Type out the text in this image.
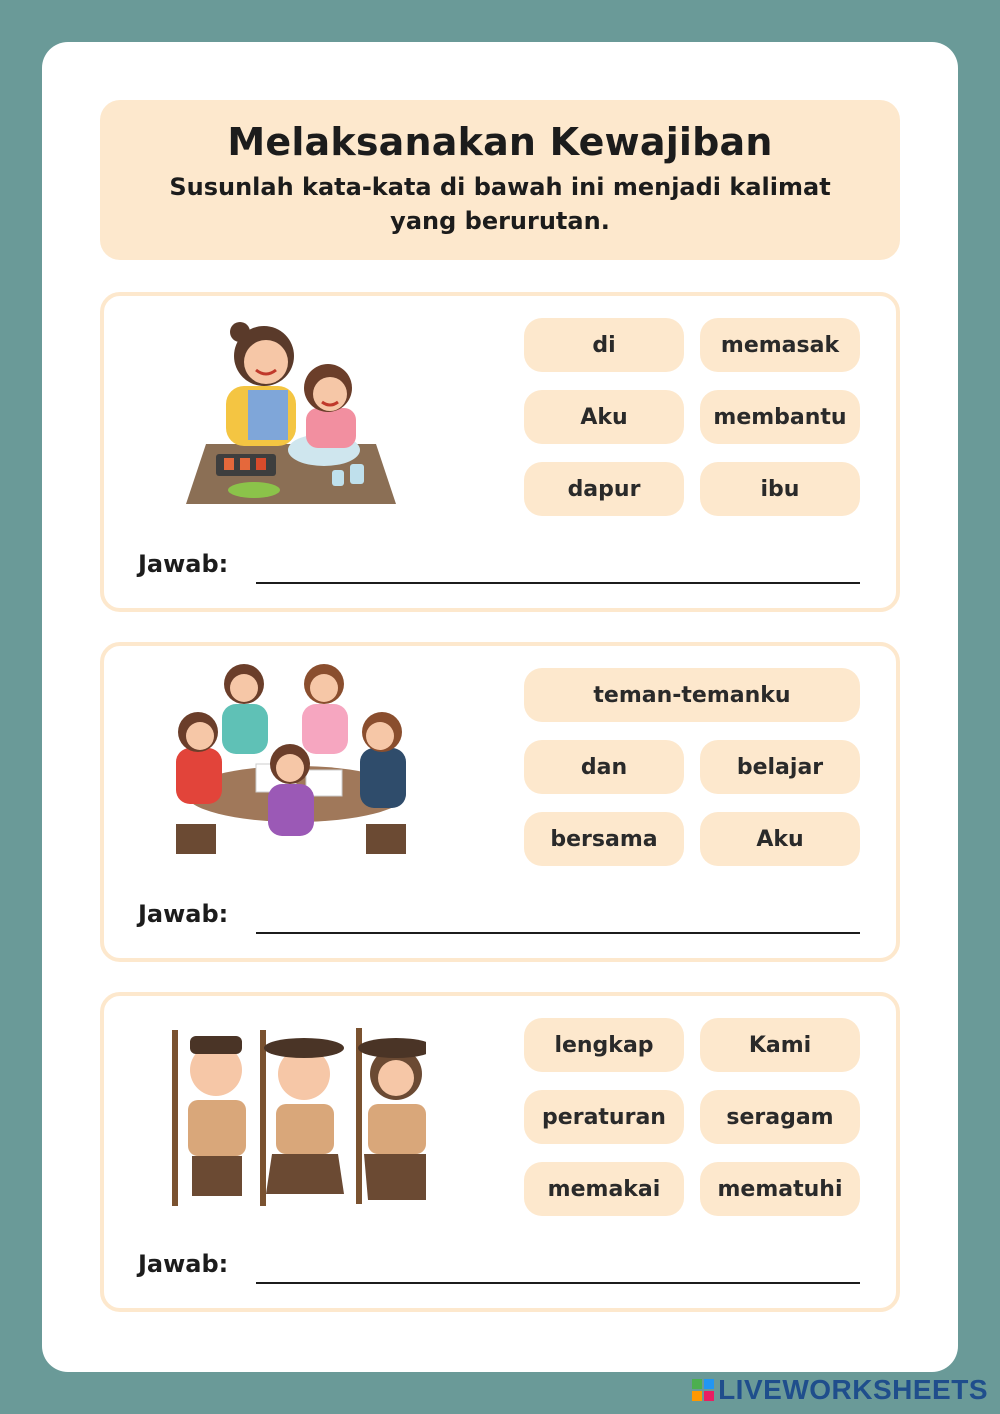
Melaksanakan Kewajiban
Susunlah kata-kata di bawah ini menjadi kalimat yang berurutan.
di	memasak
Aku	membantu
dapur	ibu
Jawab:
teman-temanku
dan	belajar
bersama	Aku
Jawab:
lengkap	Kami
peraturan	seragam
memakai	mematuhi
Jawab:
LIVEWORKSHEETS
